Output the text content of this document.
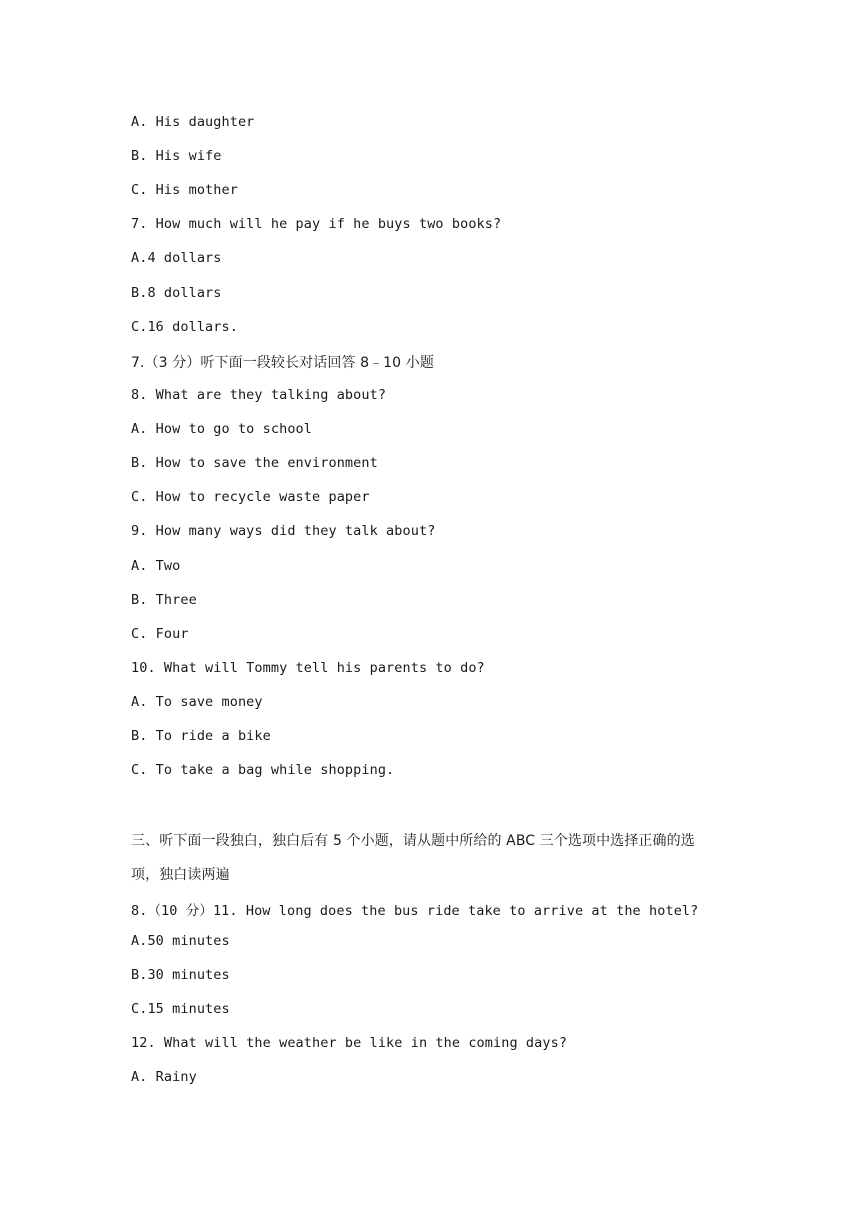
A. His daughter
B. His wife
C. His mother
7. How much will he pay if he buys two books?
A.4 dollars
B.8 dollars
C.16 dollars.
7.（3 分）听下面一段较长对话回答 8﹣10 小题
8. What are they talking about?
A. How to go to school
B. How to save the environment
C. How to recycle waste paper
9. How many ways did they talk about?
A. Two
B. Three
C. Four
10. What will Tommy tell his parents to do?
A. To save money
B. To ride a bike
C. To take a bag while shopping.
三、听下面一段独白，独白后有 5 个小题，请从题中所给的 ABC 三个选项中选择正确的选
项，独白读两遍
8.（10 分）11. How long does the bus ride take to arrive at the hotel?
A.50 minutes
B.30 minutes
C.15 minutes
12. What will the weather be like in the coming days?
A. Rainy
